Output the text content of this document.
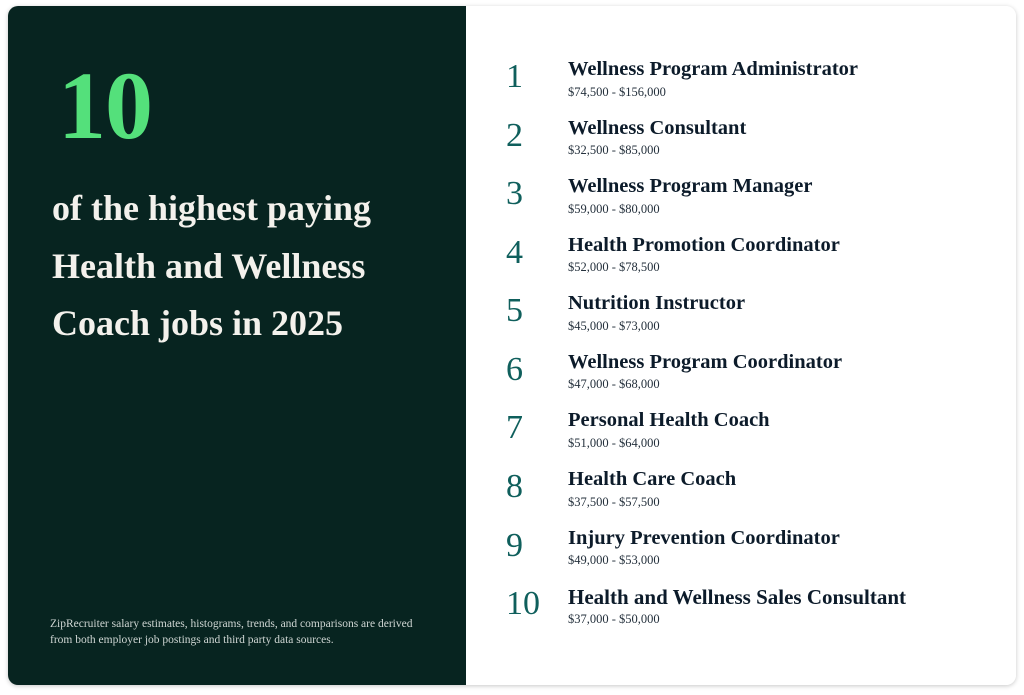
10
of the highest paying Health and Wellness Coach jobs in 2025
ZipRecruiter salary estimates, histograms, trends, and comparisons are derived from both employer job postings and third party data sources.
1	Wellness Program Administrator
$74,500 - $156,000
2	Wellness Consultant
$32,500 - $85,000
3	Wellness Program Manager
$59,000 - $80,000
4	Health Promotion Coordinator
$52,000 - $78,500
5	Nutrition Instructor
$45,000 - $73,000
6	Wellness Program Coordinator
$47,000 - $68,000
7	Personal Health Coach
$51,000 - $64,000
8	Health Care Coach
$37,500 - $57,500
9	Injury Prevention Coordinator
$49,000 - $53,000
10	Health and Wellness Sales Consultant
$37,000 - $50,000
